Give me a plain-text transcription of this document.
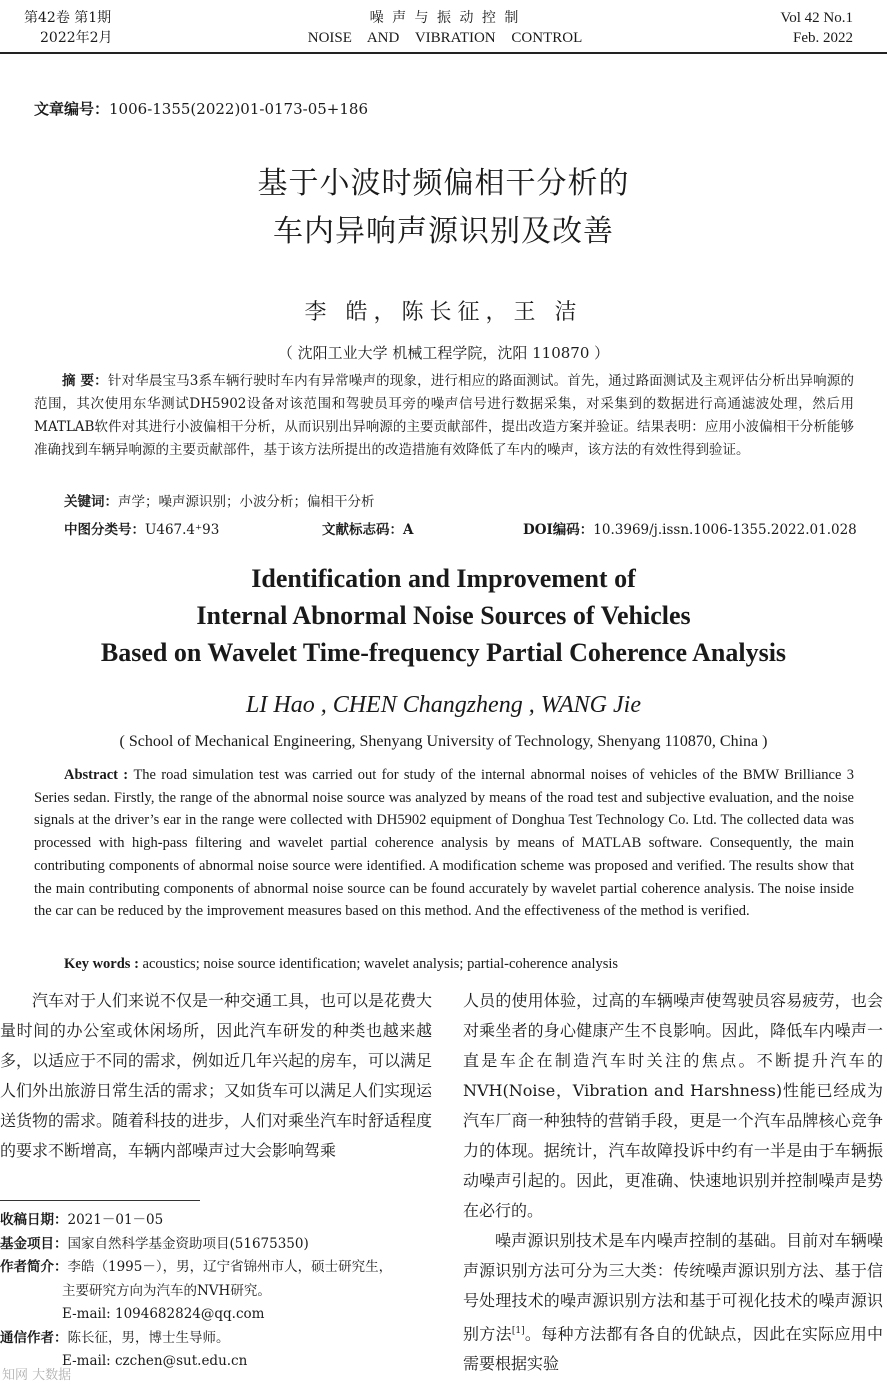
第42卷 第1期
2022年2月
噪 声 与 振 动 控 制
NOISE AND VIBRATION CONTROL
Vol 42 No.1
Feb. 2022
文章编号：1006-1355(2022)01-0173-05+186
基于小波时频偏相干分析的
车内异响声源识别及改善
李 皓，陈长征，王 洁
（ 沈阳工业大学 机械工程学院，沈阳 110870 ）
摘 要：针对华晨宝马3系车辆行驶时车内有异常噪声的现象，进行相应的路面测试。首先，通过路面测试及主观评估分析出异响源的范围，其次使用东华测试DH5902设备对该范围和驾驶员耳旁的噪声信号进行数据采集，对采集到的数据进行高通滤波处理，然后用MATLAB软件对其进行小波偏相干分析，从而识别出异响源的主要贡献部件，提出改造方案并验证。结果表明：应用小波偏相干分析能够准确找到车辆异响源的主要贡献部件，基于该方法所提出的改造措施有效降低了车内的噪声，该方法的有效性得到验证。
关键词：声学；噪声源识别；小波分析；偏相干分析
中图分类号：U467.4⁺93	文献标志码：A	DOI编码：10.3969/j.issn.1006-1355.2022.01.028
Identification and Improvement of
Internal Abnormal Noise Sources of Vehicles
Based on Wavelet Time-frequency Partial Coherence Analysis
LI Hao , CHEN Changzheng , WANG Jie
( School of Mechanical Engineering, Shenyang University of Technology, Shenyang 110870, China )
Abstract : The road simulation test was carried out for study of the internal abnormal noises of vehicles of the BMW Brilliance 3 Series sedan. Firstly, the range of the abnormal noise source was analyzed by means of the road test and subjective evaluation, and the noise signals at the driver’s ear in the range were collected with DH5902 equipment of Donghua Test Technology Co. Ltd. The collected data was processed with high-pass filtering and wavelet partial coherence analysis by means of MATLAB software. Consequently, the main contributing components of abnormal noise source were identified. A modification scheme was proposed and verified. The results show that the main contributing components of abnormal noise source can be found accurately by wavelet partial coherence analysis. The noise inside the car can be reduced by the improvement measures based on this method. And the effectiveness of the method is verified.
Key words : acoustics; noise source identification; wavelet analysis; partial-coherence analysis

汽车对于人们来说不仅是一种交通工具，也可以是花费大量时间的办公室或休闲场所，因此汽车研发的种类也越来越多，以适应于不同的需求，例如近几年兴起的房车，可以满足人们外出旅游日常生活的需求；又如货车可以满足人们实现运送货物的需求。随着科技的进步，人们对乘坐汽车时舒适程度的要求不断增高，车辆内部噪声过大会影响驾乘

人员的使用体验，过高的车辆噪声使驾驶员容易疲劳，也会对乘坐者的身心健康产生不良影响。因此，降低车内噪声一直是车企在制造汽车时关注的焦点。不断提升汽车的NVH(Noise，Vibration and Harshness)性能已经成为汽车厂商一种独特的营销手段，更是一个汽车品牌核心竞争力的体现。据统计，汽车故障投诉中约有一半是由于车辆振动噪声引起的。因此，更准确、快速地识别并控制噪声是势在必行的。

噪声源识别技术是车内噪声控制的基础。目前对车辆噪声源识别方法可分为三大类：传统噪声源识别方法、基于信号处理技术的噪声源识别方法和基于可视化技术的噪声源识别方法[1]。每种方法都有各自的优缺点，因此在实际应用中需要根据实验

收稿日期：2021－01－05
基金项目：国家自然科学基金资助项目(51675350)
作者简介：李皓（1995－），男，辽宁省锦州市人，硕士研究生，
主要研究方向为汽车的NVH研究。
E-mail: 1094682824@qq.com
通信作者：陈长征，男，博士生导师。
E-mail: czchen@sut.edu.cn
知网 大数据
